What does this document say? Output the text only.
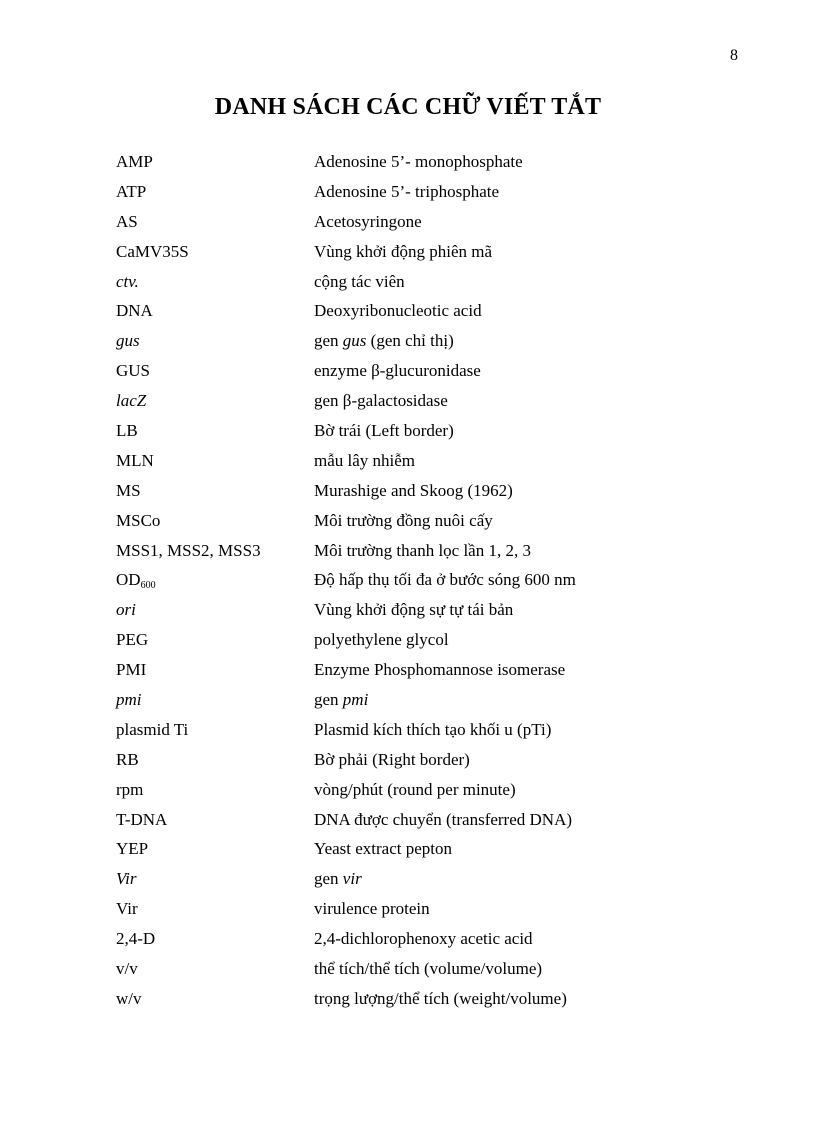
8
DANH SÁCH CÁC CHỮ VIẾT TẮT
AMP	Adenosine 5’- monophosphate
ATP	Adenosine 5’- triphosphate
AS	Acetosyringone
CaMV35S	Vùng khởi động phiên mã
ctv.	cộng tác viên
DNA	Deoxyribonucleotic acid
gus	gen gus (gen chỉ thị)
GUS	enzyme β-glucuronidase
lacZ	gen β-galactosidase
LB	Bờ trái (Left border)
MLN	mẫu lây nhiễm
MS	Murashige and Skoog (1962)
MSCo	Môi trường đồng nuôi cấy
MSS1, MSS2, MSS3	Môi trường thanh lọc lần 1, 2, 3
$OD_{600}$	Độ hấp thụ tối đa ở bước sóng 600 nm
ori	Vùng khởi động sự tự tái bản
PEG	polyethylene glycol
PMI	Enzyme Phosphomannose isomerase
pmi	gen pmi
plasmid Ti	Plasmid kích thích tạo khối u (pTi)
RB	Bờ phải (Right border)
rpm	vòng/phút (round per minute)
T-DNA	DNA được chuyển (transferred DNA)
YEP	Yeast extract pepton
Vir	gen vir
Vir	virulence protein
2,4-D	2,4-dichlorophenoxy acetic acid
v/v	thể tích/thể tích (volume/volume)
w/v	trọng lượng/thể tích (weight/volume)
